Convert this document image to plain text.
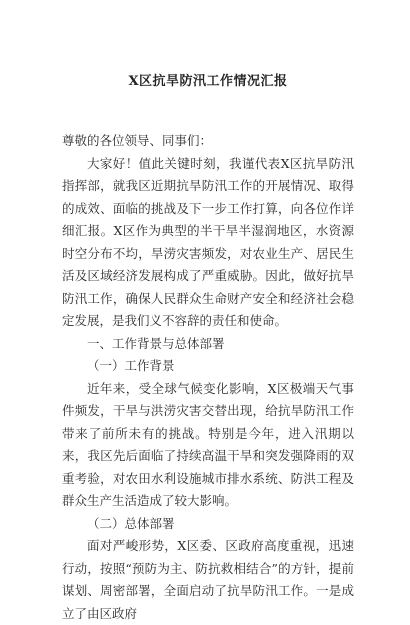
X区抗旱防汛工作情况汇报

尊敬的各位领导、同事们：

大家好！值此关键时刻，我谨代表X区抗旱防汛指挥部，就我区近期抗旱防汛工作的开展情况、取得的成效、面临的挑战及下一步工作打算，向各位作详细汇报。X区作为典型的半干旱半湿润地区，水资源时空分布不均，旱涝灾害频发，对农业生产、居民生活及区域经济发展构成了严重威胁。因此，做好抗旱防汛工作，确保人民群众生命财产安全和经济社会稳定发展，是我们义不容辞的责任和使命。

一、工作背景与总体部署

（一）工作背景

近年来，受全球气候变化影响，X区极端天气事件频发，干旱与洪涝灾害交替出现，给抗旱防汛工作带来了前所未有的挑战。特别是今年，进入汛期以来，我区先后面临了持续高温干旱和突发强降雨的双重考验，对农田水利设施城市排水系统、防洪工程及群众生产生活造成了较大影响。

（二）总体部署

面对严峻形势，X区委、区政府高度重视，迅速行动，按照“预防为主、防抗救相结合”的方针，提前谋划、周密部署，全面启动了抗旱防汛工作。一是成立了由区政府
